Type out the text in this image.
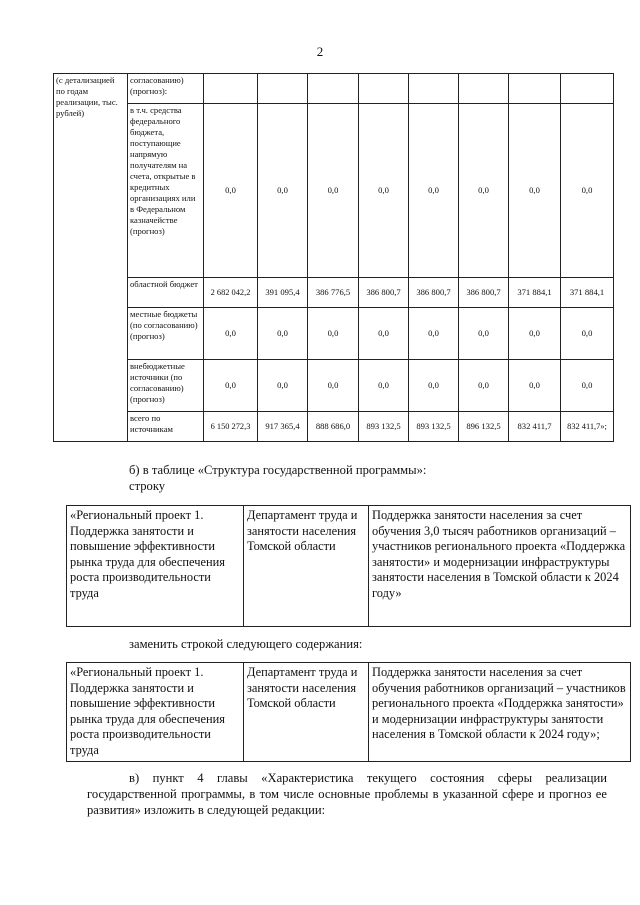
2
(с детализацией по годам реализации, тыс. рублей)	согласованию) (прогноз):								
	в т.ч. средства федерального бюджета, поступающие напрямую получателям на счета, открытые в кредитных организациях или в Федеральном казначействе (прогноз)	0,0	0,0	0,0	0,0	0,0	0,0	0,0	0,0
	областной бюджет	2 682 042,2	391 095,4	386 776,5	386 800,7	386 800,7	386 800,7	371 884,1	371 884,1
	местные бюджеты (по согласованию) (прогноз)	0,0	0,0	0,0	0,0	0,0	0,0	0,0	0,0
	внебюджетные источники (по согласованию) (прогноз)	0,0	0,0	0,0	0,0	0,0	0,0	0,0	0,0
	всего по источникам	6 150 272,3	917 365,4	888 686,0	893 132,5	893 132,5	896 132,5	832 411,7	832 411,7»;
б) в таблице «Структура государственной программы»:
строку
«Региональный проект 1. Поддержка занятости и повышение эффективности рынка труда для обеспечения роста производительности труда	Департамент труда и занятости населения Томской области	Поддержка занятости населения за счет обучения 3,0 тысяч работников организаций – участников регионального проекта «Поддержка занятости» и модернизации инфраструктуры занятости населения в Томской области к 2024 году»
заменить строкой следующего содержания:
«Региональный проект 1. Поддержка занятости и повышение эффективности рынка труда для обеспечения роста производительности труда	Департамент труда и занятости населения Томской области	Поддержка занятости населения за счет обучения работников организаций – участников регионального проекта «Поддержка занятости» и модернизации инфраструктуры занятости населения в Томской области к 2024 году»;
в) пункт 4 главы «Характеристика текущего состояния сферы реализации государственной программы, в том числе основные проблемы в указанной сфере и прогноз ее развития» изложить в следующей редакции:
